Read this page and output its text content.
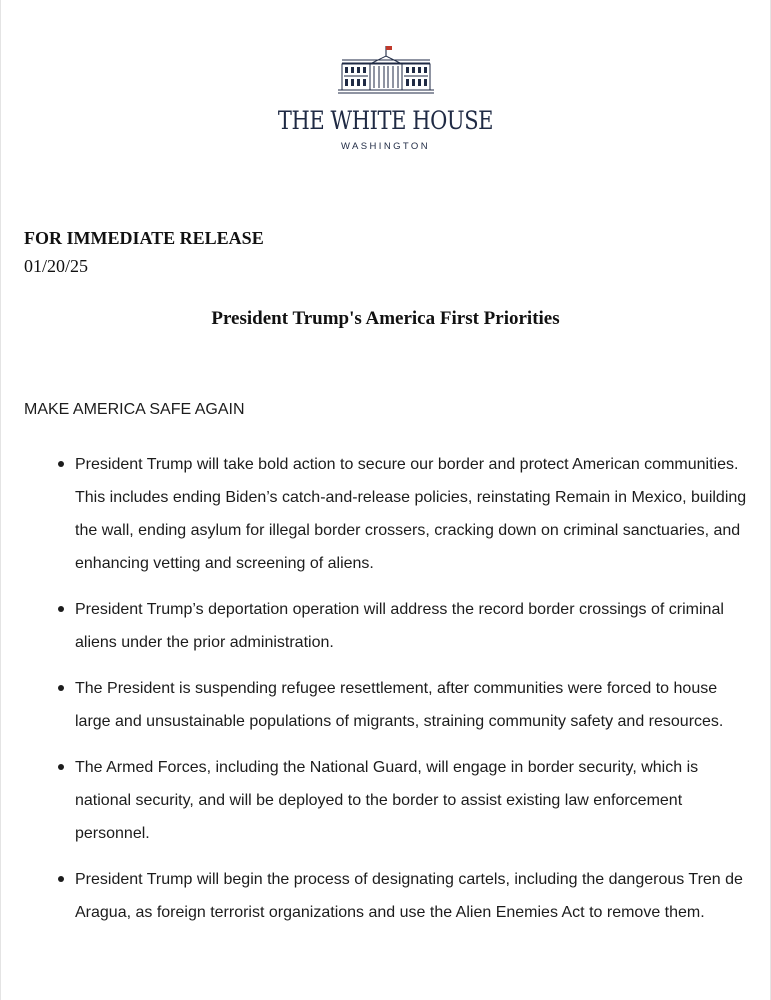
THE WHITE HOUSE
WASHINGTON
FOR IMMEDIATE RELEASE
01/20/25
President Trump's America First Priorities
MAKE AMERICA SAFE AGAIN
President Trump will take bold action to secure our border and protect American communities. This includes ending Biden’s catch-and-release policies, reinstating Remain in Mexico, building the wall, ending asylum for illegal border crossers, cracking down on criminal sanctuaries, and enhancing vetting and screening of aliens.
President Trump’s deportation operation will address the record border crossings of criminal aliens under the prior administration.
The President is suspending refugee resettlement, after communities were forced to house large and unsustainable populations of migrants, straining community safety and resources.
The Armed Forces, including the National Guard, will engage in border security, which is national security, and will be deployed to the border to assist existing law enforcement personnel.
President Trump will begin the process of designating cartels, including the dangerous Tren de Aragua, as foreign terrorist organizations and use the Alien Enemies Act to remove them.
